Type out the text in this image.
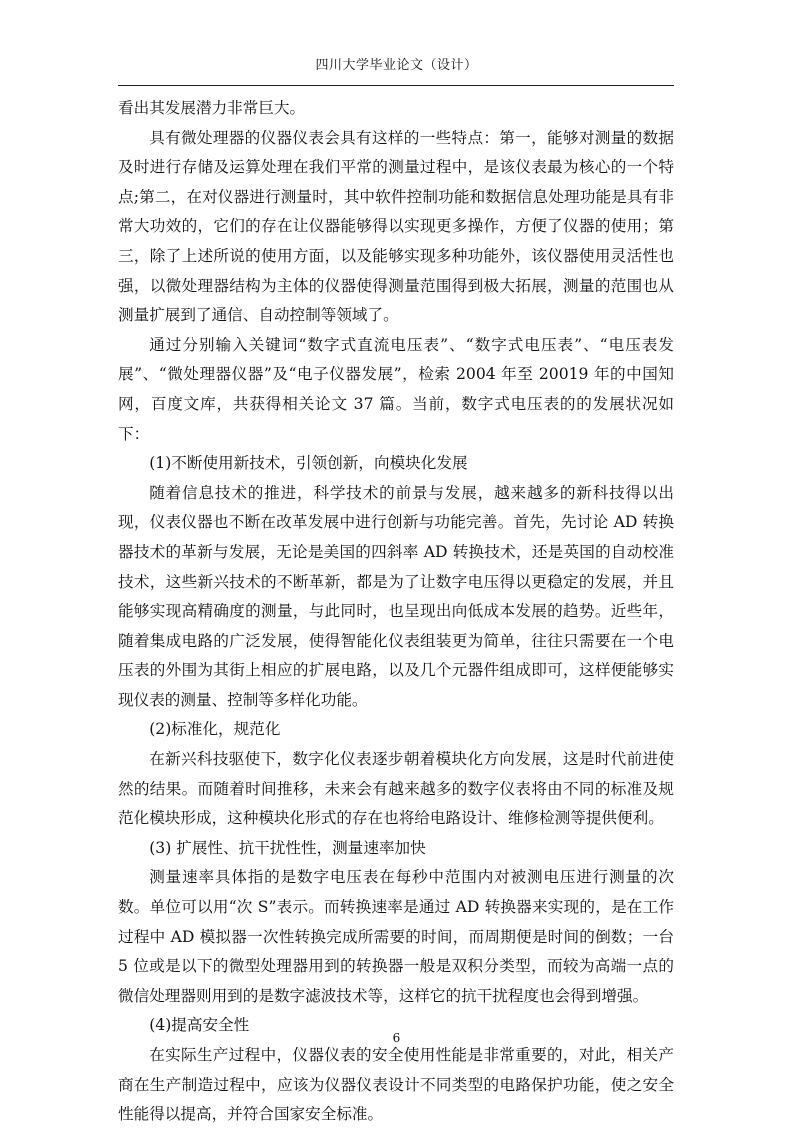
四川大学毕业论文（设计）

看出其发展潜力非常巨大。

具有微处理器的仪器仪表会具有这样的一些特点：第一，能够对测量的数据及时进行存储及运算处理在我们平常的测量过程中，是该仪表最为核心的一个特点;第二，在对仪器进行测量时，其中软件控制功能和数据信息处理功能是具有非常大功效的，它们的存在让仪器能够得以实现更多操作，方便了仪器的使用；第三，除了上述所说的使用方面，以及能够实现多种功能外，该仪器使用灵活性也强，以微处理器结构为主体的仪器使得测量范围得到极大拓展，测量的范围也从测量扩展到了通信、自动控制等领域了。

通过分别输入关键词“数字式直流电压表”、“数字式电压表”、“电压表发展”、“微处理器仪器”及“电子仪器发展”，检索 2004 年至 20019 年的中国知网，百度文库，共获得相关论文 37 篇。当前，数字式电压表的的发展状况如下：

(1)不断使用新技术，引领创新，向模块化发展

随着信息技术的推进，科学技术的前景与发展，越来越多的新科技得以出现，仪表仪器也不断在改革发展中进行创新与功能完善。首先，先讨论 AD 转换器技术的革新与发展，无论是美国的四斜率 AD 转换技术，还是英国的自动校准技术，这些新兴技术的不断革新，都是为了让数字电压得以更稳定的发展，并且能够实现高精确度的测量，与此同时，也呈现出向低成本发展的趋势。近些年，随着集成电路的广泛发展，使得智能化仪表组装更为简单，往往只需要在一个电压表的外围为其街上相应的扩展电路，以及几个元器件组成即可，这样便能够实现仪表的测量、控制等多样化功能。

(2)标准化，规范化

在新兴科技驱使下，数字化仪表逐步朝着模块化方向发展，这是时代前进使然的结果。而随着时间推移，未来会有越来越多的数字仪表将由不同的标准及规范化模块形成，这种模块化形式的存在也将给电路设计、维修检测等提供便利。

(3) 扩展性、抗干扰性性，测量速率加快

测量速率具体指的是数字电压表在每秒中范围内对被测电压进行测量的次数。单位可以用“次 S”表示。而转换速率是通过 AD 转换器来实现的，是在工作过程中 AD 模拟器一次性转换完成所需要的时间，而周期便是时间的倒数；一台 5 位或是以下的微型处理器用到的转换器一般是双积分类型，而较为高端一点的微信处理器则用到的是数字滤波技术等，这样它的抗干扰程度也会得到增强。

(4)提高安全性

在实际生产过程中，仪器仪表的安全使用性能是非常重要的，对此，相关产商在生产制造过程中，应该为仪器仪表设计不同类型的电路保护功能，使之安全性能得以提高，并符合国家安全标准。

6
